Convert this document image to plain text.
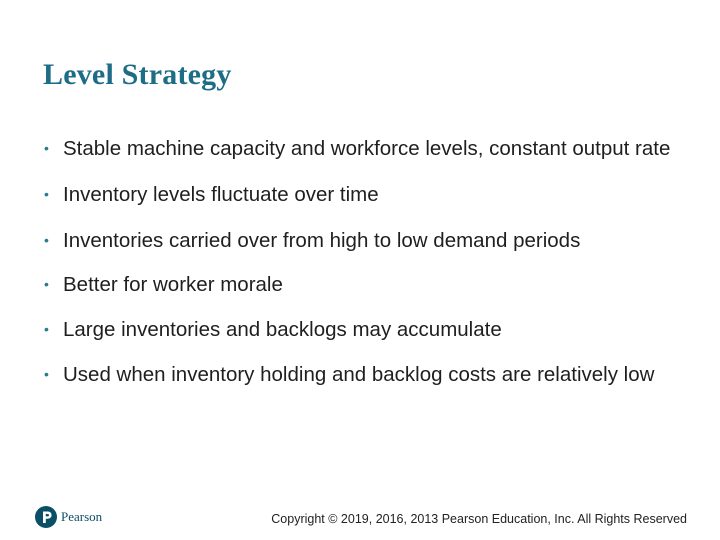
Level Strategy
• Stable machine capacity and workforce levels, constant output rate
• Inventory levels fluctuate over time
• Inventories carried over from high to low demand periods
• Better for worker morale
• Large inventories and backlogs may accumulate
• Used when inventory holding and backlog costs are relatively low
Pearson	Copyright © 2019, 2016, 2013 Pearson Education, Inc. All Rights Reserved
